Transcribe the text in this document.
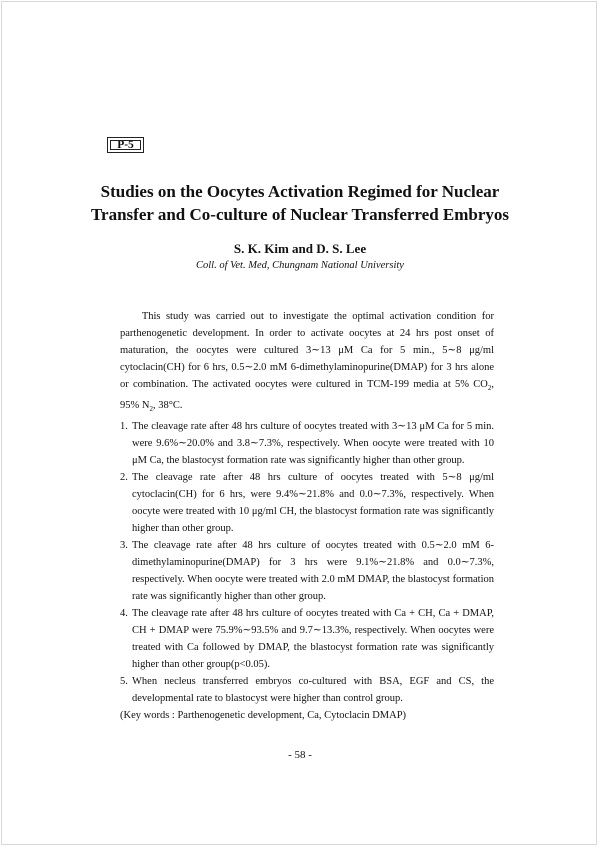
P-5
Studies on the Oocytes Activation Regimed for Nuclear
Transfer and Co-culture of Nuclear Transferred Embryos
S. K. Kim and D. S. Lee
Coll. of Vet. Med, Chungnam National University

This study was carried out to investigate the optimal activation condition for parthenogenetic development. In order to activate oocytes at 24 hrs post onset of maturation, the oocytes were cultured 3∼13 μM Ca for 5 min., 5∼8 μg/ml cytoclacin(CH) for 6 hrs, 0.5∼2.0 mM 6-dimethylaminopurine(DMAP) for 3 hrs alone or combination. The activated oocytes were cultured in TCM-199 media at 5% $CO_2$, 95% $N_2$, 38°C.

1. The cleavage rate after 48 hrs culture of oocytes treated with 3∼13 μM Ca for 5 min. were 9.6%∼20.0% and 3.8∼7.3%, respectively. When oocyte were treated with 10 μM Ca, the blastocyst formation rate was significantly higher than other group.
2. The cleavage rate after 48 hrs culture of oocytes treated with 5∼8 μg/ml cytoclacin(CH) for 6 hrs, were 9.4%∼21.8% and 0.0∼7.3%, respectively. When oocyte were treated with 10 μg/ml CH, the blastocyst formation rate was significantly higher than other group.
3. The cleavage rate after 48 hrs culture of oocytes treated with 0.5∼2.0 mM 6-dimethylaminopurine(DMAP) for 3 hrs were 9.1%∼21.8% and 0.0∼7.3%, respectively. When oocyte were treated with 2.0 mM DMAP, the blastocyst formation rate was significantly higher than other group.
4. The cleavage rate after 48 hrs culture of oocytes treated with Ca + CH, Ca + DMAP, CH + DMAP were 75.9%∼93.5% and 9.7∼13.3%, respectively. When oocytes were treated with Ca followed by DMAP, the blastocyst formation rate was significantly higher than other group(p<0.05).
5. When necleus transferred embryos co-cultured with BSA, EGF and CS, the developmental rate to blastocyst were higher than control group.

(Key words : Parthenogenetic development, Ca, Cytoclacin DMAP)

- 58 -
